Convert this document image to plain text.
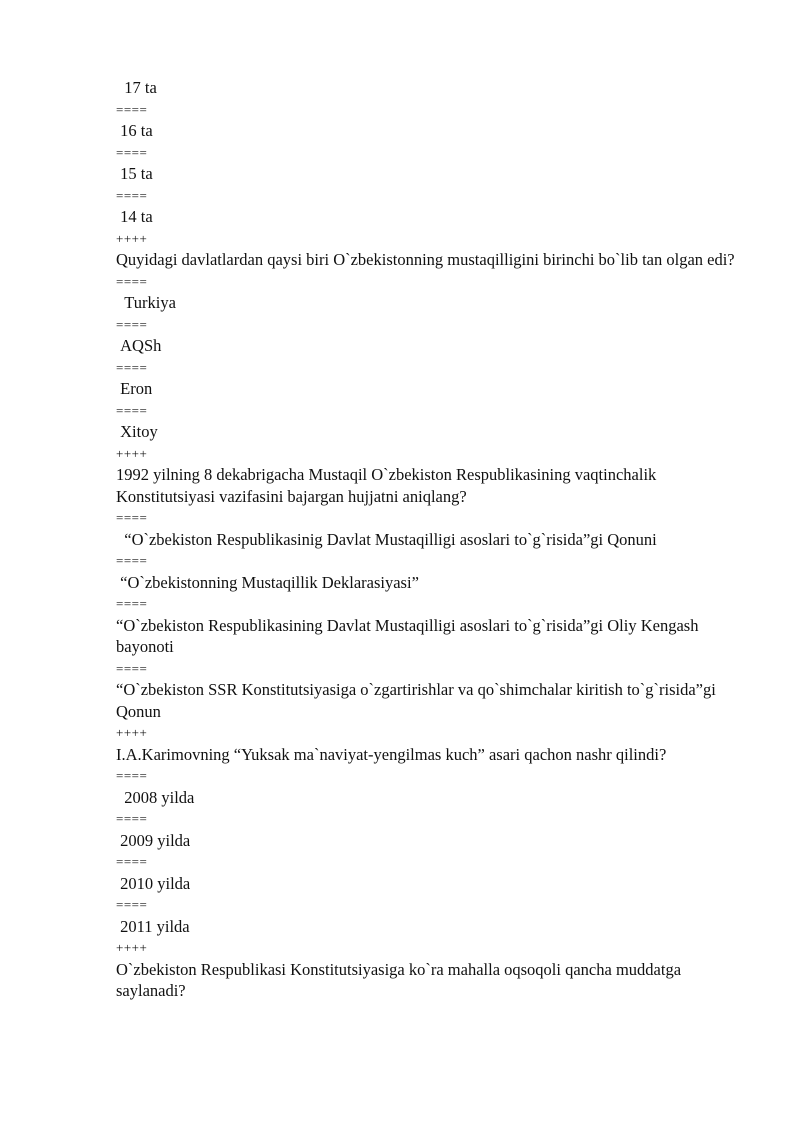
17 ta

====

16 ta

====

15 ta

====

14 ta

++++

Quyidagi davlatlardan qaysi biri O`zbekistonning mustaqilligini birinchi bo`lib tan olgan edi?

====

Turkiya

====

AQSh

====

Eron

====

Xitoy

++++

1992 yilning 8 dekabrigacha Mustaqil O`zbekiston Respublikasining vaqtinchalik Konstitutsiyasi vazifasini bajargan hujjatni aniqlang?

====

“O`zbekiston Respublikasinig Davlat Mustaqilligi asoslari to`g`risida”gi Qonuni

====

“O`zbekistonning Mustaqillik Deklarasiyasi”

====

“O`zbekiston Respublikasining Davlat Mustaqilligi asoslari to`g`risida”gi Oliy Kengash bayonoti

====

“O`zbekiston SSR Konstitutsiyasiga o`zgartirishlar va qo`shimchalar kiritish to`g`risida”gi Qonun

++++

I.A.Karimovning “Yuksak ma`naviyat-yengilmas kuch” asari qachon nashr qilindi?

====

2008 yilda

====

2009 yilda

====

2010 yilda

====

2011 yilda

++++

O`zbekiston Respublikasi Konstitutsiyasiga ko`ra mahalla oqsoqoli qancha muddatga saylanadi?
